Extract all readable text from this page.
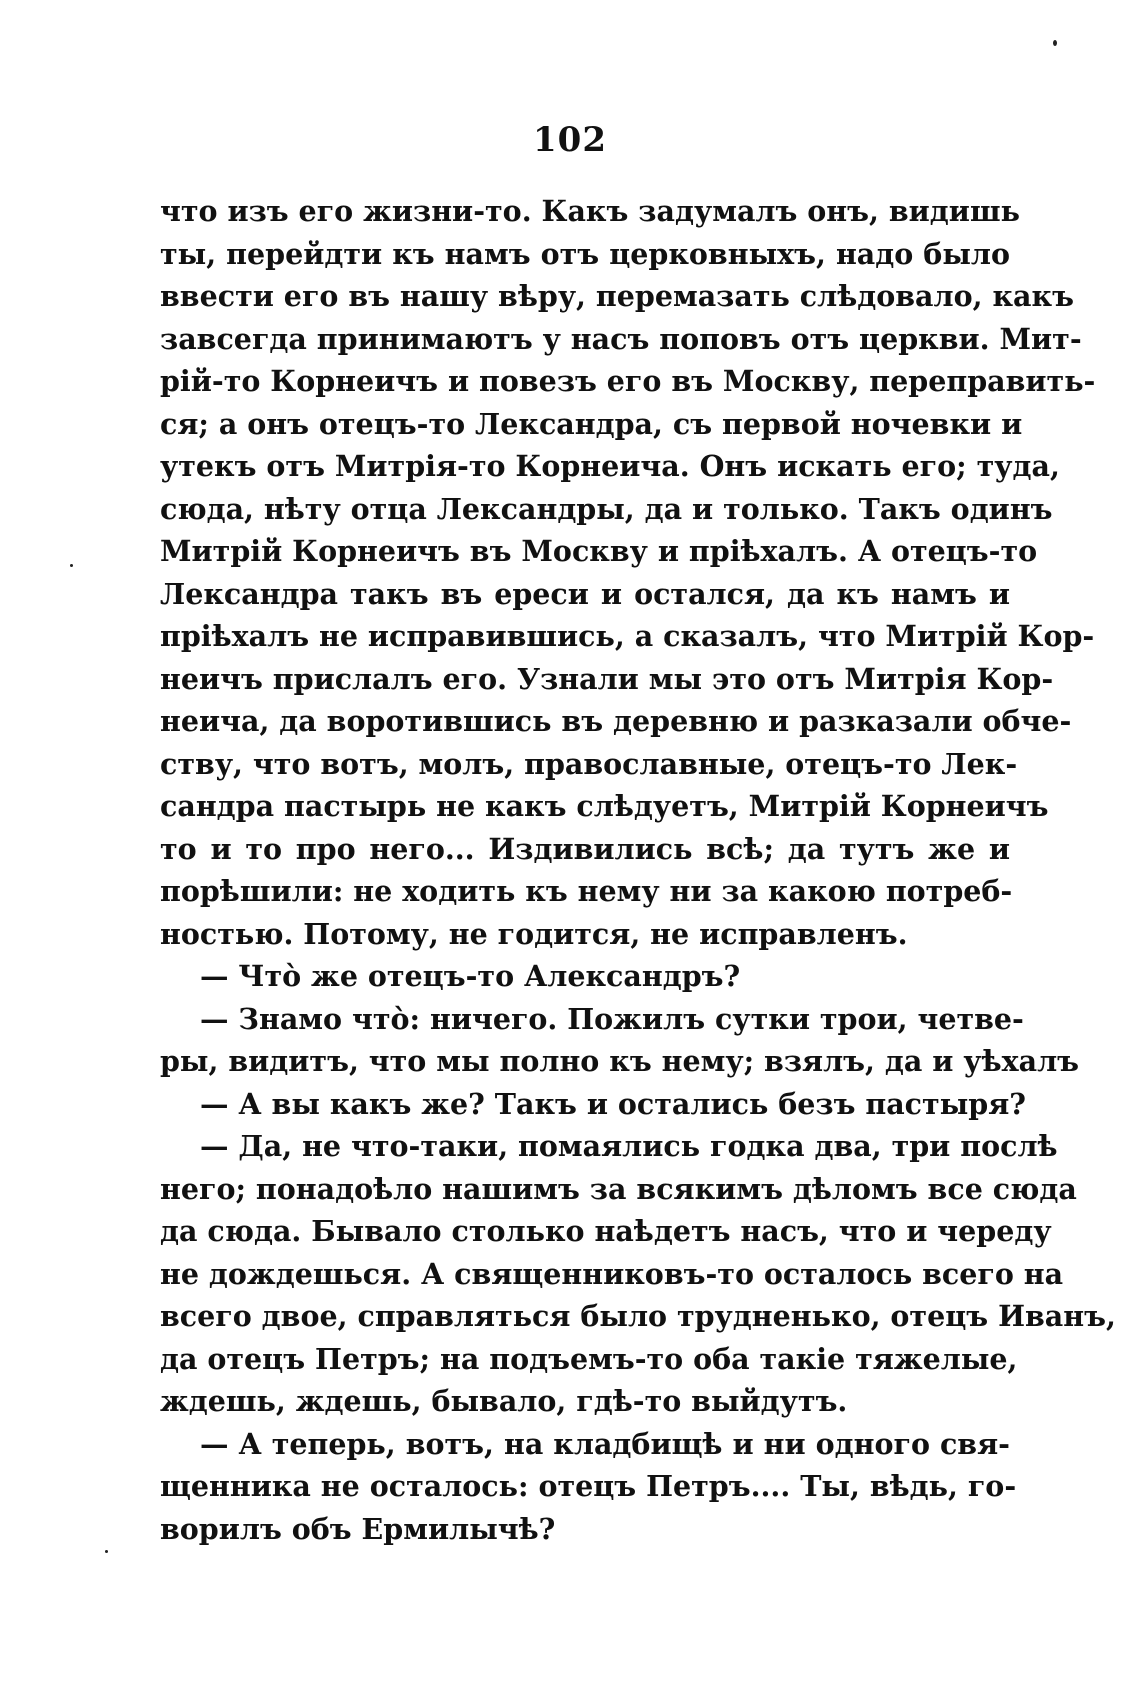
102
что изъ его жизни-то. Какъ задумалъ онъ, видишь
ты, перейдти къ намъ отъ церковныхъ, надо было
ввести его въ нашу вѣру, перемазать слѣдовало, какъ
завсегда принимаютъ у насъ поповъ отъ церкви. Мит-
рій-то Корнеичъ и повезъ его въ Москву, переправить-
ся; а онъ отецъ-то Лександра, съ первой ночевки и
утекъ отъ Митрія-то Корнеича. Онъ искать его; туда,
сюда, нѣту отца Лександры, да и только. Такъ одинъ
Митрій Корнеичъ въ Москву и пріѣхалъ. А отецъ-то
Лександра такъ въ ереси и остался, да къ намъ и
пріѣхалъ не исправившись, а сказалъ, что Митрій Кор-
неичъ прислалъ его. Узнали мы это отъ Митрія Кор-
неича, да воротившись въ деревню и разказали обче-
ству, что вотъ, молъ, православные, отецъ-то Лек-
сандра пастырь не какъ слѣдуетъ, Митрій Корнеичъ
то и то про него... Издивились всѣ; да тутъ же и
порѣшили: не ходить къ нему ни за какою потреб-
ностью. Потому, не годится, не исправленъ.
— Чтò же отецъ-то Александръ?
— Знамо чтò: ничего. Пожилъ сутки трои, четве-
ры, видитъ, что мы полно къ нему; взялъ, да и уѣхалъ
— А вы какъ же? Такъ и остались безъ пастыря?
— Да, не что-таки, помаялись годка два, три послѣ
него; понадоѣло нашимъ за всякимъ дѣломъ все сюда
да сюда. Бывало столько наѣдетъ насъ, что и череду
не дождешься. А священниковъ-то осталось всего на
всего двое, справляться было трудненько, отецъ Иванъ,
да отецъ Петръ; на подъемъ-то оба такіе тяжелые,
ждешь, ждешь, бывало, гдѣ-то выйдутъ.
— А теперь, вотъ, на кладбищѣ и ни одного свя-
щенника не осталось: отецъ Петръ.... Ты, вѣдь, го-
ворилъ объ Ермилычѣ?
